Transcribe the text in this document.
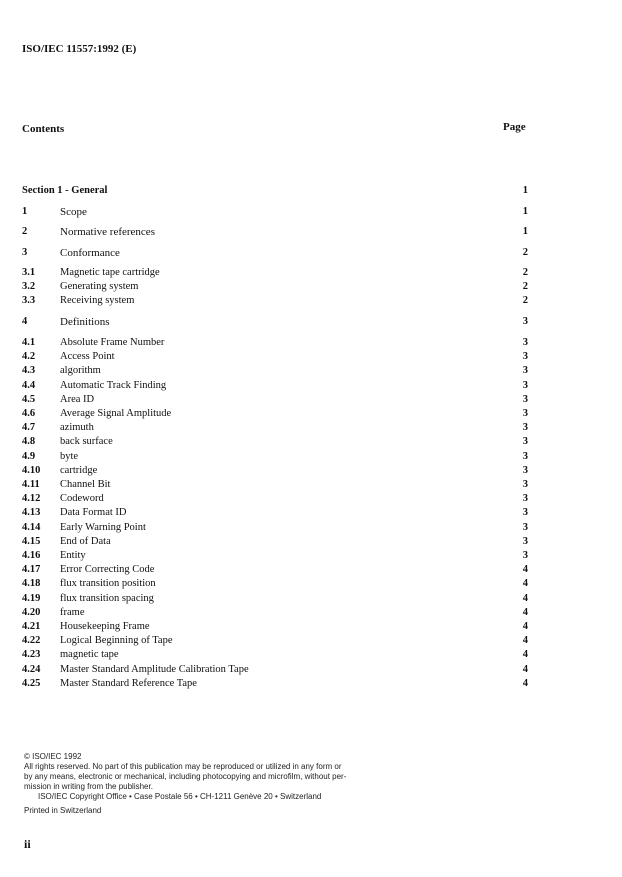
ISO/IEC 11557:1992 (E)
Contents	Page
Section 1 - General	1
1	Scope	1
2	Normative references	1
3	Conformance	2
3.1 Magnetic tape cartridge	2
3.2 Generating system	2
3.3 Receiving system	2
4	Definitions	3
4.1 Absolute Frame Number	3
4.2 Access Point	3
4.3 algorithm	3
4.4 Automatic Track Finding	3
4.5 Area ID	3
4.6 Average Signal Amplitude	3
4.7 azimuth	3
4.8 back surface	3
4.9 byte	3
4.10 cartridge	3
4.11 Channel Bit	3
4.12 Codeword	3
4.13 Data Format ID	3
4.14 Early Warning Point	3
4.15 End of Data	3
4.16 Entity	3
4.17 Error Correcting Code	4
4.18 flux transition position	4
4.19 flux transition spacing	4
4.20 frame	4
4.21 Housekeeping Frame	4
4.22 Logical Beginning of Tape	4
4.23 magnetic tape	4
4.24 Master Standard Amplitude Calibration Tape	4
4.25 Master Standard Reference Tape	4
© ISO/IEC 1992
All rights reserved. No part of this publication may be reproduced or utilized in any form or
by any means, electronic or mechanical, including photocopying and microfilm, without per-
mission in writing from the publisher.
ISO/IEC Copyright Office • Case Postale 56 • CH-1211 Genève 20 • Switzerland
Printed in Switzerland
ii
